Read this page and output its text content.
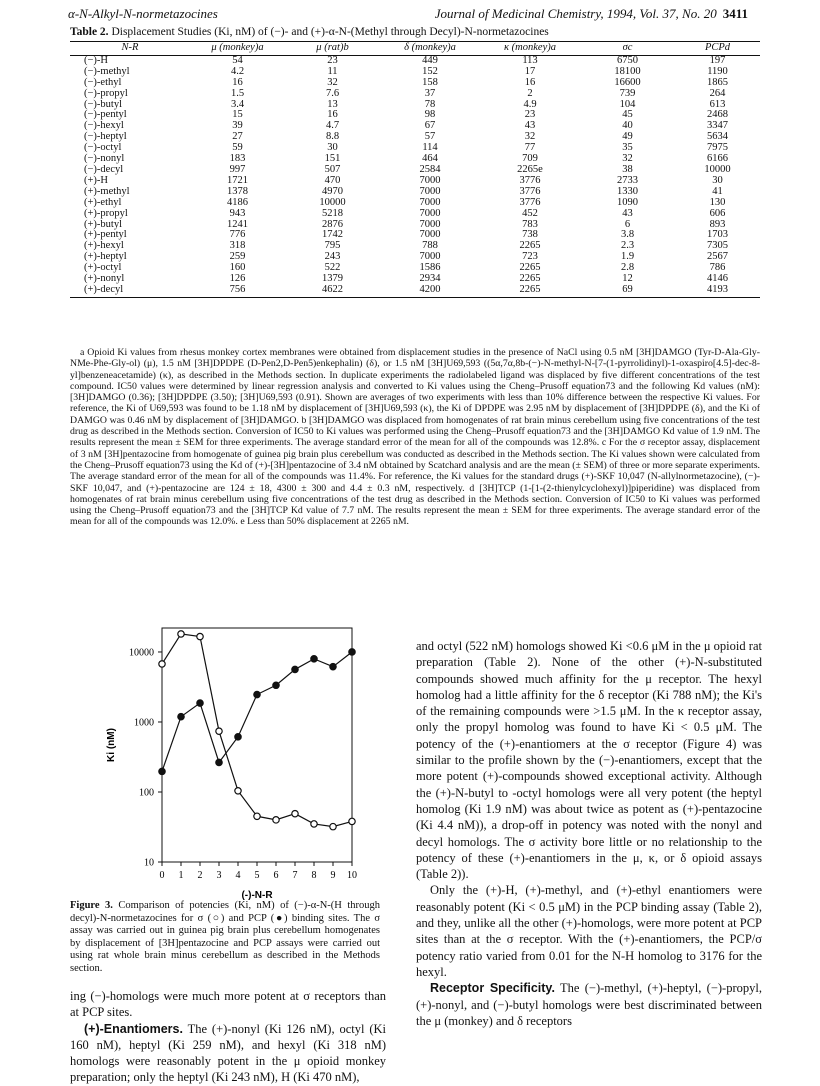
α-N-Alkyl-N-normetazocines	Journal of Medicinal Chemistry, 1994, Vol. 37, No. 20 3411
Table 2. Displacement Studies (Ki, nM) of (−)- and (+)-α-N-(Methyl through Decyl)-N-normetazocines
N-R	μ (monkey)a	μ (rat)b	δ (monkey)a	κ (monkey)a	σc	PCPd
(−)-H	54	23	449	113	6750	197
(−)-methyl	4.2	11	152	17	18100	1190
(−)-ethyl	16	32	158	16	16600	1865
(−)-propyl	1.5	7.6	37	2	739	264
(−)-butyl	3.4	13	78	4.9	104	613
(−)-pentyl	15	16	98	23	45	2468
(−)-hexyl	39	4.7	67	43	40	3347
(−)-heptyl	27	8.8	57	32	49	5634
(−)-octyl	59	30	114	77	35	7975
(−)-nonyl	183	151	464	709	32	6166
(−)-decyl	997	507	2584	2265e	38	10000
(+)-H	1721	470	7000	3776	2733	30
(+)-methyl	1378	4970	7000	3776	1330	41
(+)-ethyl	4186	10000	7000	3776	1090	130
(+)-propyl	943	5218	7000	452	43	606
(+)-butyl	1241	2876	7000	783	6	893
(+)-pentyl	776	1742	7000	738	3.8	1703
(+)-hexyl	318	795	788	2265	2.3	7305
(+)-heptyl	259	243	7000	723	1.9	2567
(+)-octyl	160	522	1586	2265	2.8	786
(+)-nonyl	126	1379	2934	2265	12	4146
(+)-decyl	756	4622	4200	2265	69	4193
a Opioid Ki values from rhesus monkey cortex membranes were obtained from displacement studies in the presence of NaCl using 0.5 nM [3H]DAMGO (Tyr-D-Ala-Gly-NMe-Phe-Gly-ol) (μ), 1.5 nM [3H]DPDPE (D-Pen2,D-Pen5)enkephalin) (δ), or 1.5 nM [3H]U69,593 ((5α,7α,8b-(−)-N-methyl-N-[7-(1-pyrrolidinyl)-1-oxaspiro[4.5]-dec-8-yl]benzeneacetamide) (κ), as described in the Methods section. In duplicate experiments the radiolabeled ligand was displaced by five different concentrations of the test compound. IC50 values were determined by linear regression analysis and converted to Ki values using the Cheng–Prusoff equation73 and the following Kd values (nM): [3H]DAMGO (0.36); [3H]DPDPE (3.50); [3H]U69,593 (0.91). Shown are averages of two experiments with less than 10% difference between the respective Ki values. For reference, the Ki of U69,593 was found to be 1.18 nM by displacement of [3H]U69,593 (κ), the Ki of DPDPE was 2.95 nM by displacement of [3H]DPDPE (δ), and the Ki of DAMGO was 0.46 nM by displacement of [3H]DAMGO. b [3H]DAMGO was displaced from homogenates of rat brain minus cerebellum using five concentrations of the test drug as described in the Methods section. Conversion of IC50 to Ki values was performed using the Cheng–Prusoff equation73 and the [3H]DAMGO Kd value of 1.9 nM. The results represent the mean ± SEM for three experiments. The average standard error of the mean for all of the compounds was 12.8%. c For the σ receptor assay, displacement of 3 nM [3H]pentazocine from homogenate of guinea pig brain plus cerebellum was conducted as described in the Methods section. The Ki values shown were calculated from the Cheng–Prusoff equation73 using the Kd of (+)-[3H]pentazocine of 3.4 nM obtained by Scatchard analysis and are the mean (± SEM) of three or more separate experiments. The average standard error of the mean for all of the compounds was 11.4%. For reference, the Ki values for the standard drugs (+)-SKF 10,047 (N-allylnormetazocine), (−)-SKF 10,047, and (+)-pentazocine are 124 ± 18, 4300 ± 300 and 4.4 ± 0.3 nM, respectively. d [3H]TCP (1-[1-(2-thienylcyclohexyl)]piperidine) was displaced from homogenates of rat brain minus cerebellum using five concentrations of the test drug as described in the Methods section. Conversion of IC50 to Ki values was performed using the Cheng–Prusoff equation73 and the [3H]TCP Kd value of 7.7 nM. The results represent the mean ± SEM for three experiments. The average standard error of the mean for all of the compounds was 12.0%. e Less than 50% displacement at 2265 nM.
0 1 2 3 4 5 6 7 8 9 10
10
100
1000
10000
(-)-N-R
Ki (nM)
Figure 3. Comparison of potencies (Ki, nM) of (−)-α-N-(H through decyl)-N-normetazocines for σ (○) and PCP (●) binding sites. The σ assay was carried out in guinea pig brain plus cerebellum homogenates by displacement of [3H]pentazocine and PCP assays were carried out using rat whole brain minus cerebellum as described in the Methods section.

ing (−)-homologs were much more potent at σ receptors than at PCP sites.

(+)-Enantiomers. The (+)-nonyl (Ki 126 nM), octyl (Ki 160 nM), heptyl (Ki 259 nM), and hexyl (Ki 318 nM) homologs were reasonably potent in the μ opioid monkey preparation; only the heptyl (Ki 243 nM), H (Ki 470 nM),

and octyl (522 nM) homologs showed Ki <0.6 μM in the μ opioid rat preparation (Table 2). None of the other (+)-N-substituted compounds showed much affinity for the μ receptor. The hexyl homolog had a little affinity for the δ receptor (Ki 788 nM); the Ki's of the remaining compounds were >1.5 μM. In the κ receptor assay, only the propyl homolog was found to have Ki < 0.5 μM. The potency of the (+)-enantiomers at the σ receptor (Figure 4) was similar to the profile shown by the (−)-enantiomers, except that the more potent (+)-compounds showed exceptional activity. Although the (+)-N-butyl to -octyl homologs were all very potent (the heptyl homolog (Ki 1.9 nM) was about twice as potent as (+)-pentazocine (Ki 4.4 nM)), a drop-off in potency was noted with the nonyl and decyl homologs. The σ activity bore little or no relationship to the potency of these (+)-enantiomers in the μ, κ, or δ opioid assays (Table 2)).

Only the (+)-H, (+)-methyl, and (+)-ethyl enantiomers were reasonably potent (Ki < 0.5 μM) in the PCP binding assay (Table 2), and they, unlike all the other (+)-homologs, were more potent at PCP sites than at the σ receptor. With the (+)-enantiomers, the PCP/σ potency ratio varied from 0.01 for the N-H homolog to 3176 for the hexyl.

Receptor Specificity. The (−)-methyl, (+)-heptyl, (−)-propyl, (+)-nonyl, and (−)-butyl homologs were best discriminated between the μ (monkey) and δ receptors
